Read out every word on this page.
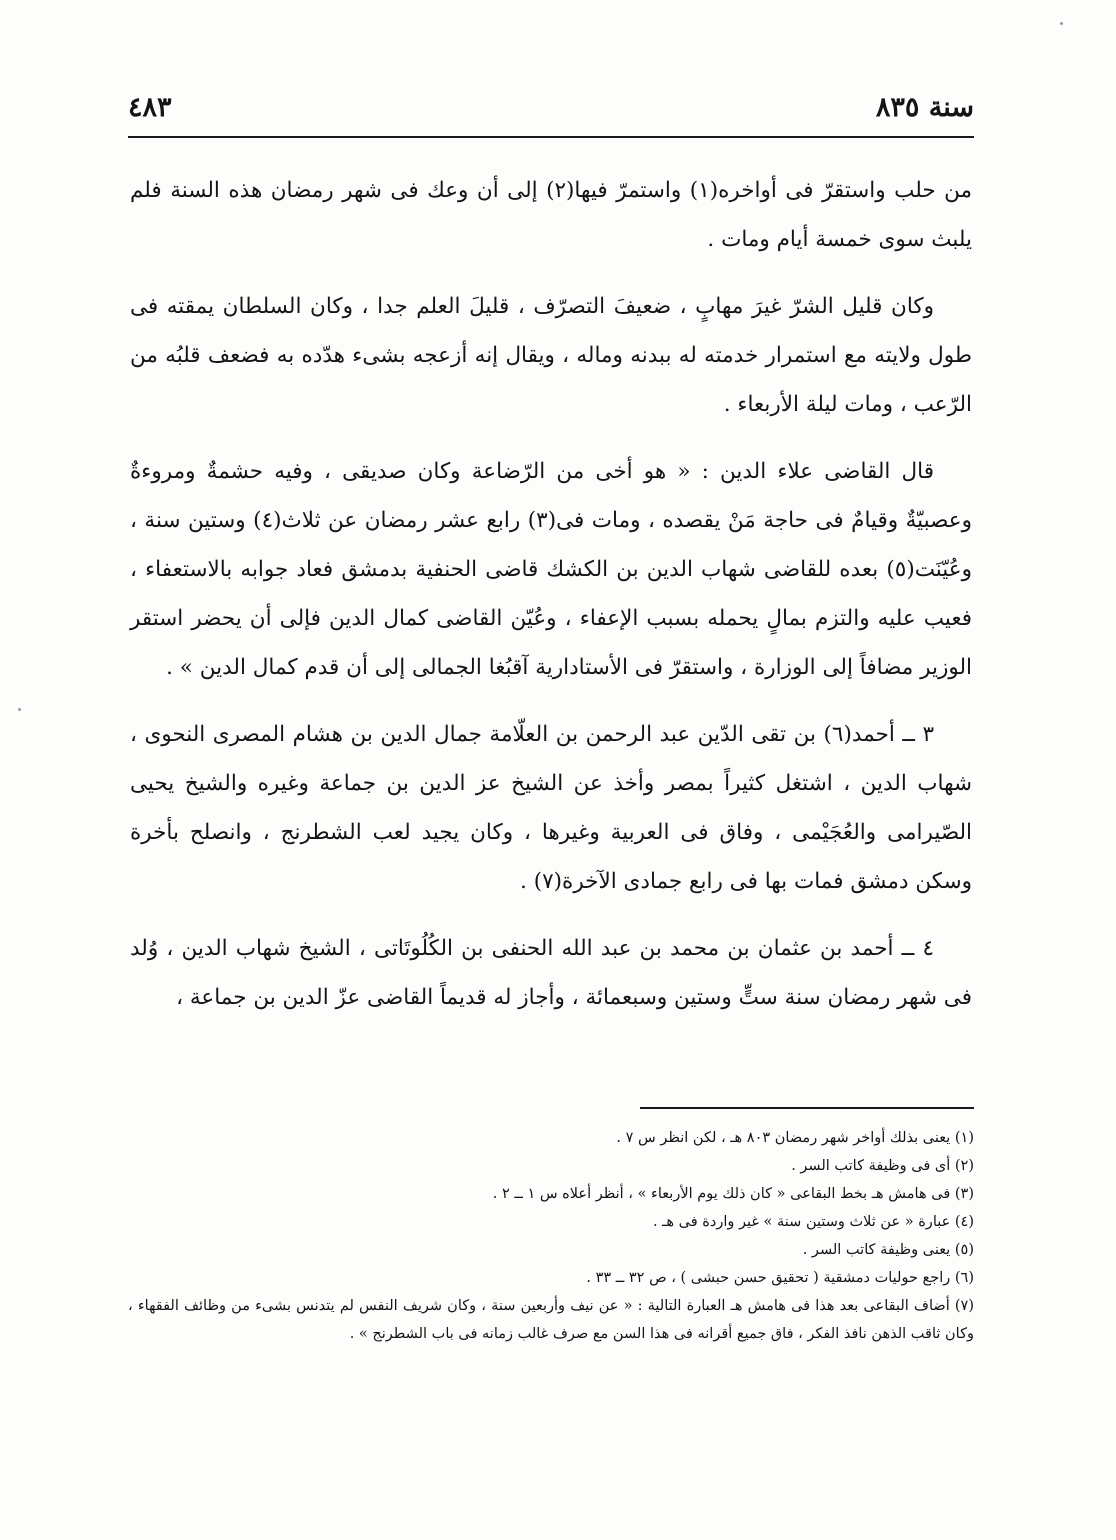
سنة ٨٣٥
٤٨٣

من حلب واستقرّ فى أواخره(١) واستمرّ فيها(٢) إلى أن وعك فى شهر رمضان هذه السنة فلم يلبث سوى خمسة أيام ومات .

وكان قليل الشرّ غيرَ مهابٍ ، ضعيفَ التصرّف ، قليلَ العلم جدا ، وكان السلطان يمقته فى طول ولايته مع استمرار خدمته له ببدنه وماله ، ويقال إنه أزعجه بشىء هدّده به فضعف قلبُه من الرّعب ، ومات ليلة الأربعاء .

قال القاضى علاء الدين : « هو أخى من الرّضاعة وكان صديقى ، وفيه حشمةٌ ومروءةٌ وعصبيّةٌ وقيامٌ فى حاجة مَنْ يقصده ، ومات فى(٣) رابع عشر رمضان عن ثلاث(٤) وستين سنة ، وعُيّنَت(٥) بعده للقاضى شهاب الدين بن الكشك قاضى الحنفية بدمشق فعاد جوابه بالاستعفاء ، فعيب عليه والتزم بمالٍ يحمله بسبب الإعفاء ، وعُيّن القاضى كمال الدين فإلى أن يحضر استقر الوزير مضافاً إلى الوزارة ، واستقرّ فى الأستادارية آقبُغا الجمالى إلى أن قدم كمال الدين » .

٣ ــ أحمد(٦) بن تقى الدّين عبد الرحمن بن العلّامة جمال الدين بن هشام المصرى النحوى ، شهاب الدين ، اشتغل كثيراً بمصر وأخذ عن الشيخ عز الدين بن جماعة وغيره والشيخ يحيى الصّيرامى والعُجَيْمى ، وفاق فى العربية وغيرها ، وكان يجيد لعب الشطرنج ، وانصلح بأخرة وسكن دمشق فمات بها فى رابع جمادى الآخرة(٧) .

٤ ــ أحمد بن عثمان بن محمد بن عبد الله الحنفى بن الكُلُوتَاتى ، الشيخ شهاب الدين ، وُلد فى شهر رمضان سنة ستٍّ وستين وسبعمائة ، وأجاز له قديماً القاضى عزّ الدين بن جماعة ،

(١) يعنى بذلك أواخر شهر رمضان ٨٠٣ هـ ، لكن انظر س ٧ .
(٢) أى فى وظيفة كاتب السر .
(٣) فى هامش هـ بخط البقاعى « كان ذلك يوم الأربعاء » ، أنظر أعلاه س ١ ــ ٢ .
(٤) عبارة « عن ثلاث وستين سنة » غير واردة فى هـ .
(٥) يعنى وظيفة كاتب السر .
(٦) راجع حوليات دمشقية ( تحقيق حسن حبشى ) ، ص ٣٢ ــ ٣٣ .
(٧) أضاف البقاعى بعد هذا فى هامش هـ العبارة التالية : « عن نيف وأربعين سنة ، وكان شريف النفس لم يتدنس بشىء من وظائف الفقهاء ، وكان ثاقب الذهن نافذ الفكر ، فاق جميع أقرانه فى هذا السن مع صرف غالب زمانه فى باب الشطرنج » .
